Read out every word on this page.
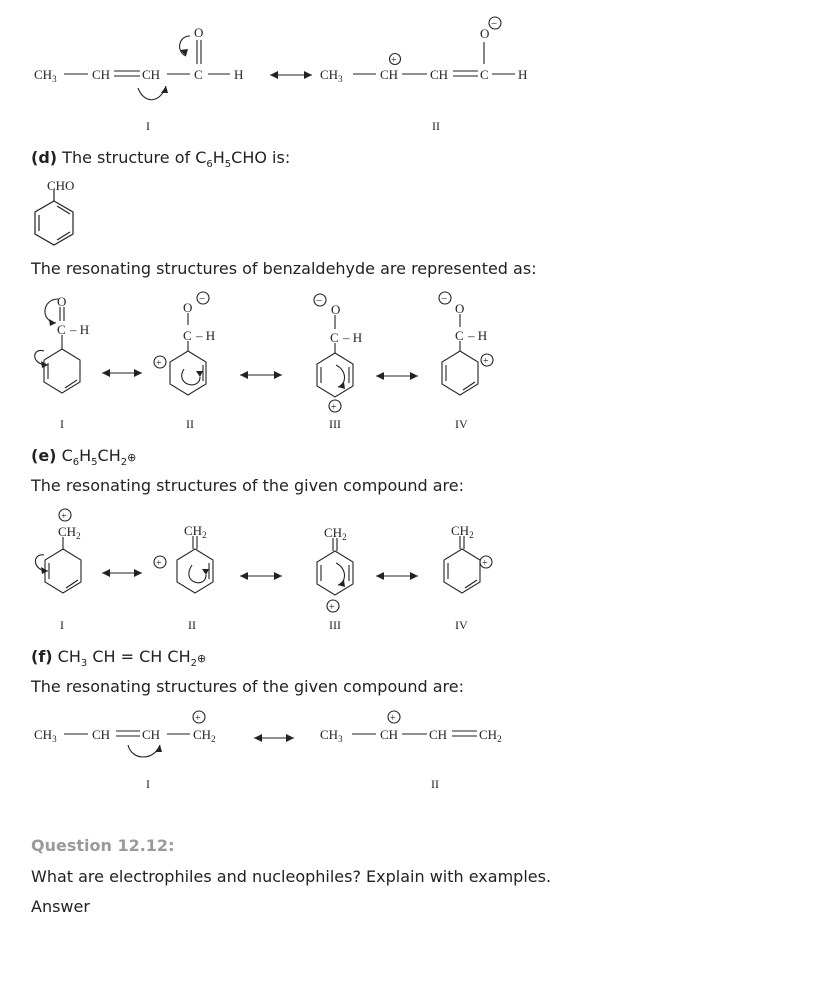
$CH_3$	CH CH	C
O
H	$CH_3$	CH CH C
O
H
+
−
I	II
(d) The structure of $C_6H_5CHO$ is:
CHO
The resonating structures of benzaldehyde are represented as:
O
C – H
O
C – H
O
C – H
O
C – H
+
−	−
+
−
+
I	II	III	IV
(e) $C_6H_5CH_2\oplus$
The resonating structures of the given compound are:
$CH_2$	$CH_2$	$CH_2$	$CH_2$
+
+
+
+
I	II	III	IV
(f) $CH_3$ CH = CH $CH_2\oplus$
The resonating structures of the given compound are:
$CH_3$	CH CH	$CH_2$	$CH_3$	CH CH $CH_2$
+	+
I	II
Question 12.12:
What are electrophiles and nucleophiles? Explain with examples.
Answer
